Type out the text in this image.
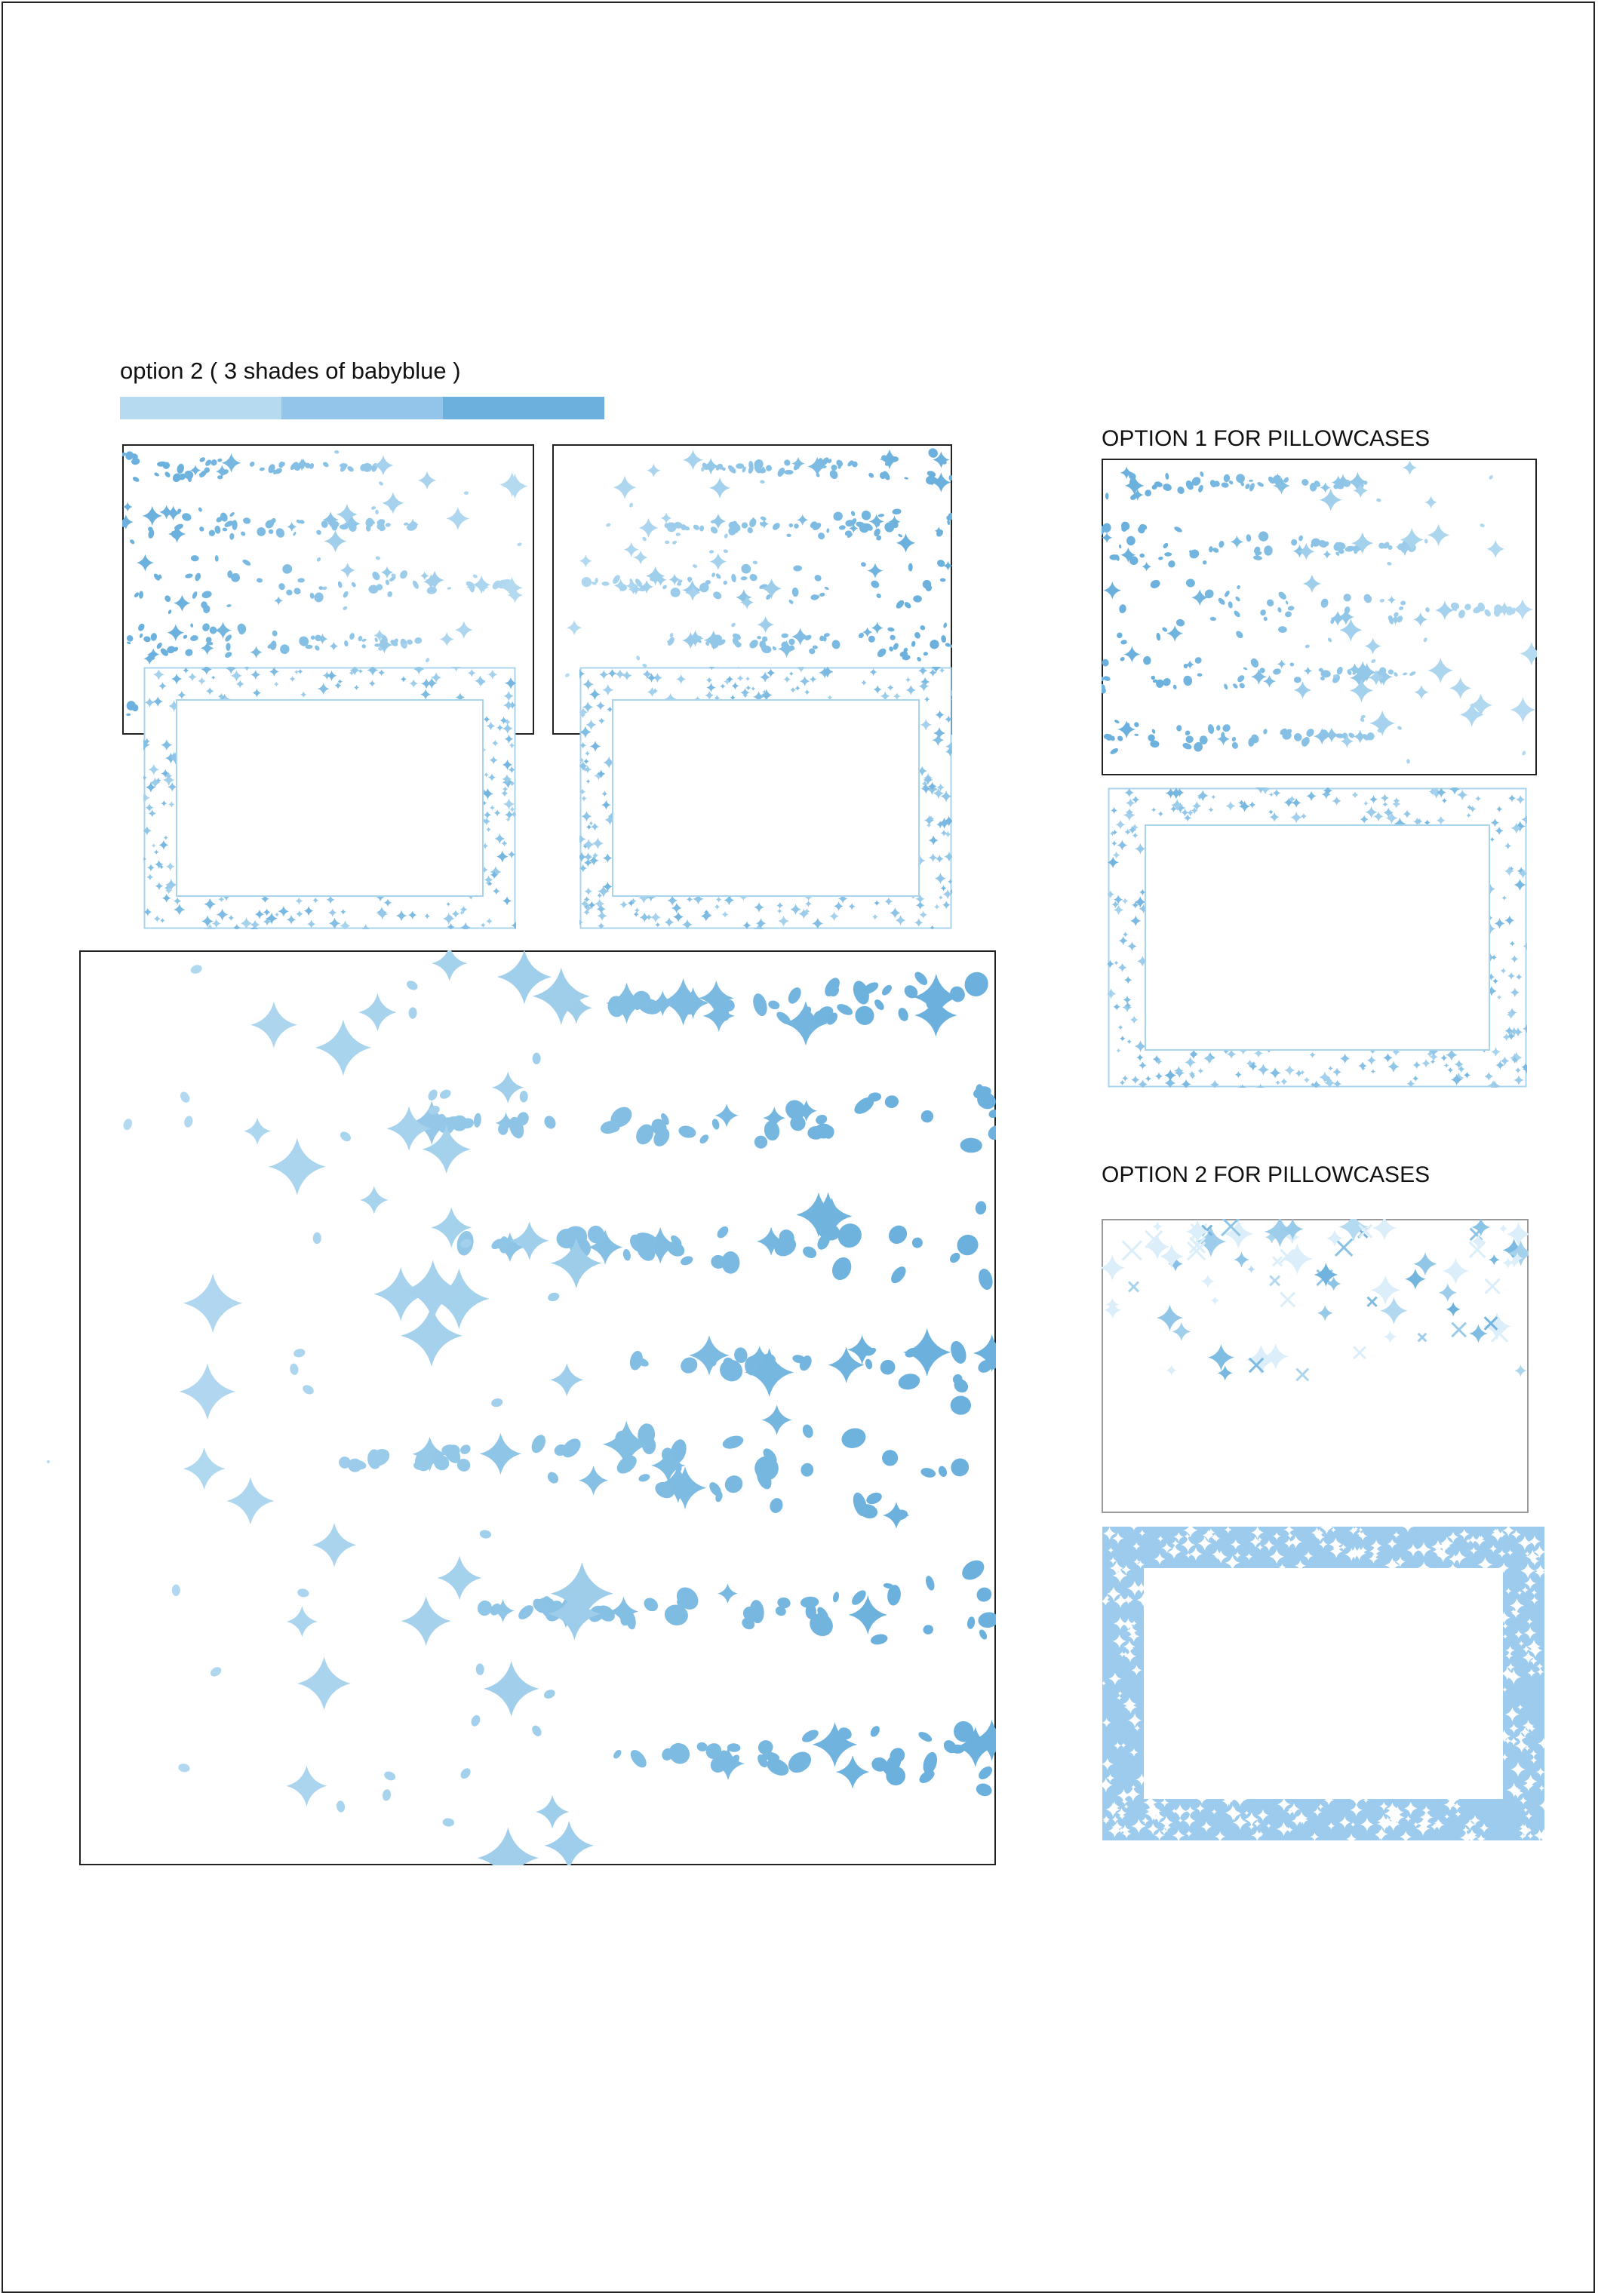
option 2 ( 3 shades of babyblue )
OPTION 1 FOR PILLOWCASES
OPTION 2 FOR PILLOWCASES
